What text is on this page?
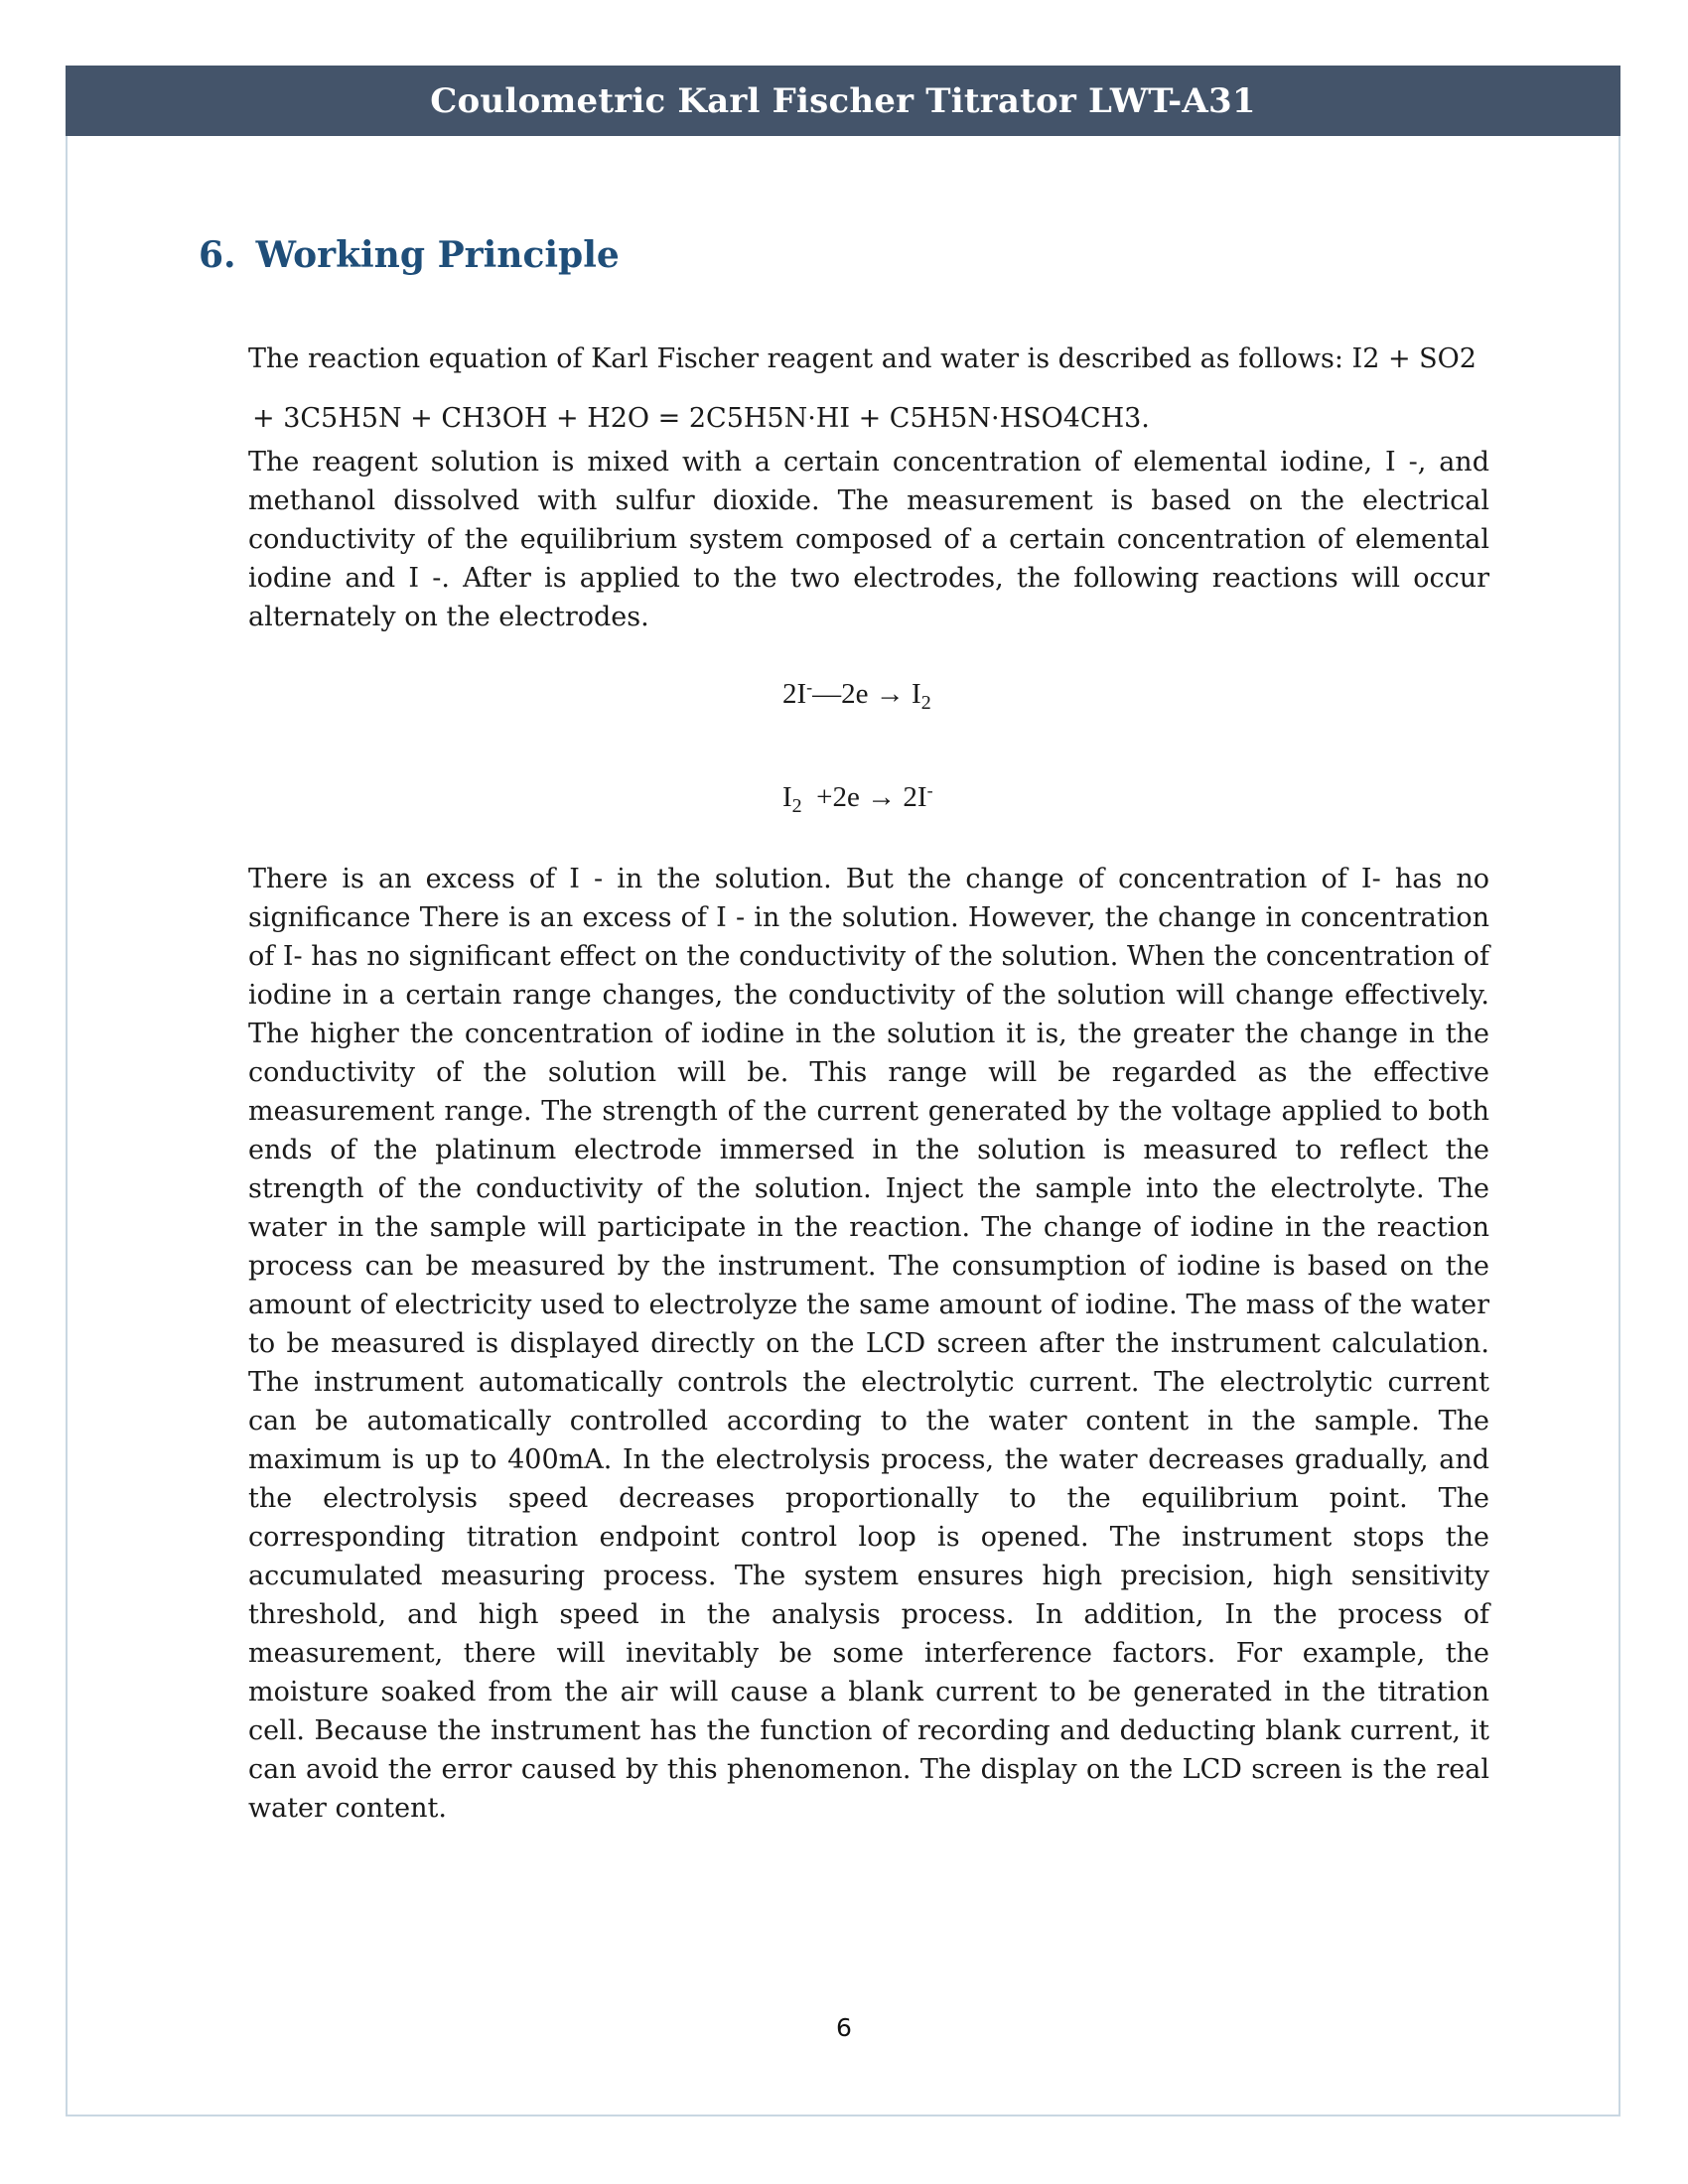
Coulometric Karl Fischer Titrator LWT-A31
6. Working Principle
The reaction equation of Karl Fischer reagent and water is described as follows: I2 + SO2
+ 3C5H5N + CH3OH + H2O = 2C5H5N·HI + C5H5N·HSO4CH3.
The reagent solution is mixed with a certain concentration of elemental iodine, I -, and methanol dissolved with sulfur dioxide. The measurement is based on the electrical conductivity of the equilibrium system composed of a certain concentration of elemental iodine and I -. After is applied to the two electrodes, the following reactions will occur alternately on the electrodes.
2I-—2e → $I_2$
$I_2 +2e \to 2I^-$
There is an excess of I - in the solution. But the change of concentration of I- has no significance There is an excess of I - in the solution. However, the change in concentration of I- has no significant effect on the conductivity of the solution. When the concentration of iodine in a certain range changes, the conductivity of the solution will change effectively. The higher the concentration of iodine in the solution it is, the greater the change in the conductivity of the solution will be. This range will be regarded as the effective measurement range. The strength of the current generated by the voltage applied to both ends of the platinum electrode immersed in the solution is measured to reflect the strength of the conductivity of the solution. Inject the sample into the electrolyte. The water in the sample will participate in the reaction. The change of iodine in the reaction process can be measured by the instrument. The consumption of iodine is based on the amount of electricity used to electrolyze the same amount of iodine. The mass of the water to be measured is displayed directly on the LCD screen after the instrument calculation. The instrument automatically controls the electrolytic current. The electrolytic current can be automatically controlled according to the water content in the sample. The maximum is up to 400mA. In the electrolysis process, the water decreases gradually, and the electrolysis speed decreases proportionally to the equilibrium point. The corresponding titration endpoint control loop is opened. The instrument stops the accumulated measuring process. The system ensures high precision, high sensitivity threshold, and high speed in the analysis process. In addition, In the process of measurement, there will inevitably be some interference factors. For example, the moisture soaked from the air will cause a blank current to be generated in the titration cell. Because the instrument has the function of recording and deducting blank current, it can avoid the error caused by this phenomenon. The display on the LCD screen is the real water content.
6
